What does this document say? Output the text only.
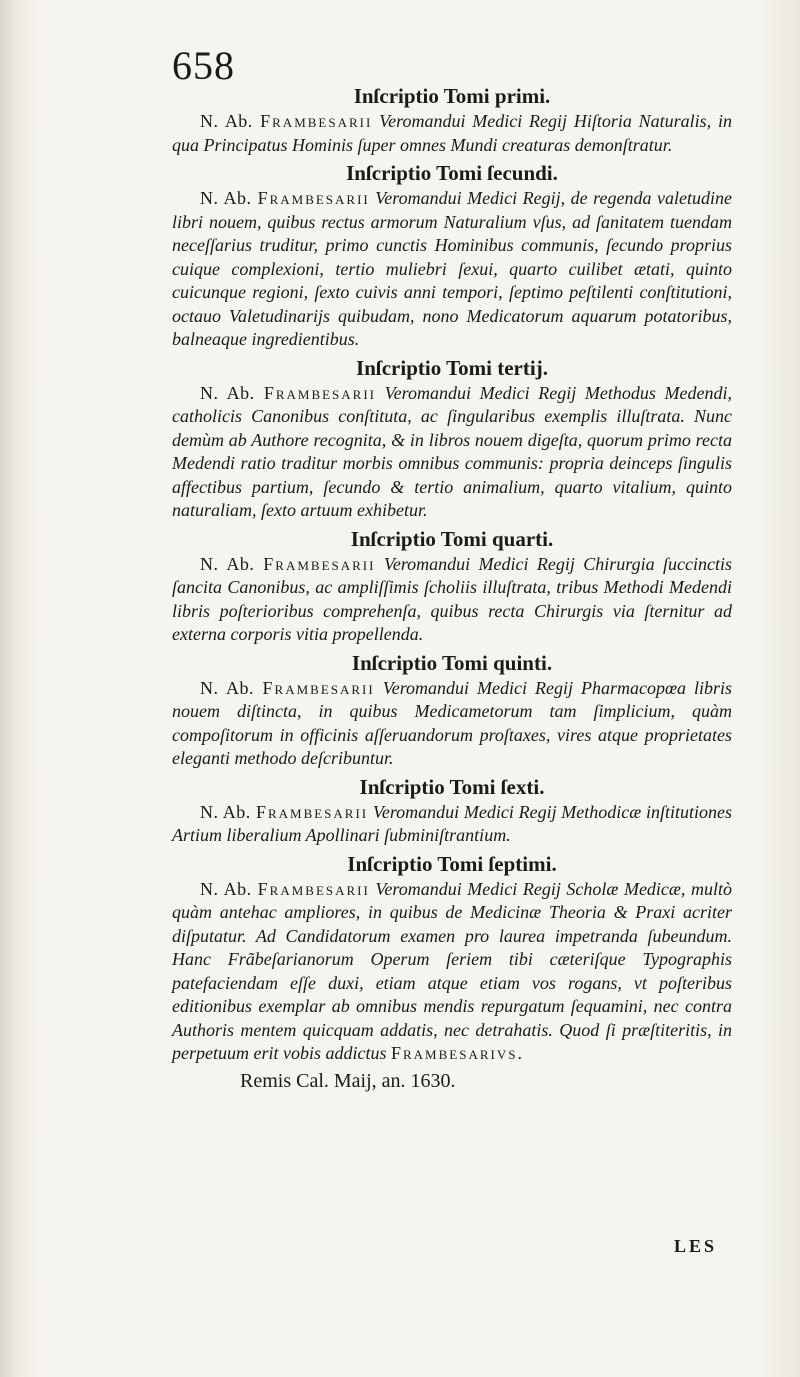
658
Inſcriptio Tomi primi.

N. Ab. Frambesarii Veromandui Medici Regij Hiſtoria Naturalis, in qua Principatus Hominis ſuper omnes Mundi creaturas demonſtratur.

Inſcriptio Tomi ſecundi.

N. Ab. Frambesarii Veromandui Medici Regij, de regenda valetudine libri nouem, quibus rectus armorum Naturalium vſus, ad ſanitatem tuendam neceſſarius truditur, primo cunctis Hominibus communis, ſecundo proprius cuique complexioni, tertio muliebri ſexui, quarto cuilibet ætati, quinto cuicunque regioni, ſexto cuivis anni tempori, ſeptimo peſtilenti conſtitutioni, octauo Valetudinarijs quibudam, nono Medicatorum aquarum potatoribus, balneaque ingredientibus.

Inſcriptio Tomi tertij.

N. Ab. Frambesarii Veromandui Medici Regij Methodus Medendi, catholicis Canonibus conſtituta, ac ſingularibus exemplis illuſtrata. Nunc demùm ab Authore recognita, & in libros nouem digeſta, quorum primo recta Medendi ratio traditur morbis omnibus communis: propria deinceps ſingulis affectibus partium, ſecundo & tertio animalium, quarto vitalium, quinto naturaliam, ſexto artuum exhibetur.

Inſcriptio Tomi quarti.

N. Ab. Frambesarii Veromandui Medici Regij Chirurgia ſuccinctis ſancita Canonibus, ac ampliſſimis ſcholiis illuſtrata, tribus Methodi Medendi libris poſterioribus comprehenſa, quibus recta Chirurgis via ſternitur ad externa corporis vitia propellenda.

Inſcriptio Tomi quinti.

N. Ab. Frambesarii Veromandui Medici Regij Pharmacopœa libris nouem diſtincta, in quibus Medicametorum tam ſimplicium, quàm compoſitorum in officinis aſſeruandorum proſtaxes, vires atque proprietates eleganti methodo deſcribuntur.

Inſcriptio Tomi ſexti.

N. Ab. Frambesarii Veromandui Medici Regij Methodicæ inſtitutiones Artium liberalium Apollinari ſubminiſtrantium.

Inſcriptio Tomi ſeptimi.

N. Ab. Frambesarii Veromandui Medici Regij Scholæ Medicæ, multò quàm antehac ampliores, in quibus de Medicinæ Theoria & Praxi acriter diſputatur. Ad Candidatorum examen pro laurea impetranda ſubeundum. Hanc Frãbeſarianorum Operum ſeriem tibi cæteriſque Typographis patefaciendam eſſe duxi, etiam atque etiam vos rogans, vt poſteribus editionibus exemplar ab omnibus mendis repurgatum ſequamini, nec contra Authoris mentem quicquam addatis, nec detrahatis. Quod ſi præſtiteritis, in perpetuum erit vobis addictus Frambesarivs.

Remis Cal. Maij, an. 1630.
LES
